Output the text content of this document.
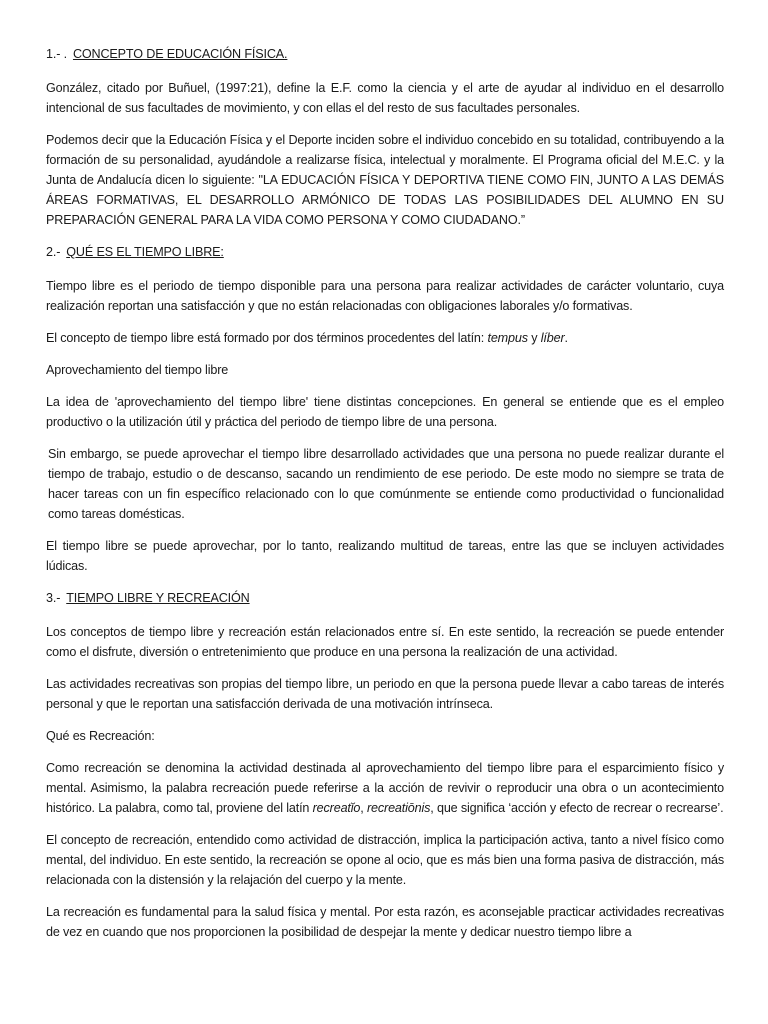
1.- . CONCEPTO DE EDUCACIÓN FÍSICA.

González, citado por Buñuel, (1997:21), define la E.F. como la ciencia y el arte de ayudar al individuo en el desarrollo intencional de sus facultades de movimiento, y con ellas el del resto de sus facultades personales.

Podemos decir que la Educación Física y el Deporte inciden sobre el individuo concebido en su totalidad, contribuyendo a la formación de su personalidad, ayudándole a realizarse física, intelectual y moralmente. El Programa oficial del M.E.C. y la Junta de Andalucía dicen lo siguiente: "LA EDUCACIÓN FÍSICA Y DEPORTIVA TIENE COMO FIN, JUNTO A LAS DEMÁS ÁREAS FORMATIVAS, EL DESARROLLO ARMÓNICO DE TODAS LAS POSIBILIDADES DEL ALUMNO EN SU PREPARACIÓN GENERAL PARA LA VIDA COMO PERSONA Y COMO CIUDADANO.”

2.- QUÉ ES EL TIEMPO LIBRE:

Tiempo libre es el periodo de tiempo disponible para una persona para realizar actividades de carácter voluntario, cuya realización reportan una satisfacción y que no están relacionadas con obligaciones laborales y/o formativas.

El concepto de tiempo libre está formado por dos términos procedentes del latín: tempus y líber.

Aprovechamiento del tiempo libre

La idea de 'aprovechamiento del tiempo libre' tiene distintas concepciones. En general se entiende que es el empleo productivo o la utilización útil y práctica del periodo de tiempo libre de una persona.

Sin embargo, se puede aprovechar el tiempo libre desarrollado actividades que una persona no puede realizar durante el tiempo de trabajo, estudio o de descanso, sacando un rendimiento de ese periodo. De este modo no siempre se trata de hacer tareas con un fin específico relacionado con lo que comúnmente se entiende como productividad o funcionalidad como tareas domésticas.

El tiempo libre se puede aprovechar, por lo tanto, realizando multitud de tareas, entre las que se incluyen actividades lúdicas.

3.- TIEMPO LIBRE Y RECREACIÓN

Los conceptos de tiempo libre y recreación están relacionados entre sí. En este sentido, la recreación se puede entender como el disfrute, diversión o entretenimiento que produce en una persona la realización de una actividad.

Las actividades recreativas son propias del tiempo libre, un periodo en que la persona puede llevar a cabo tareas de interés personal y que le reportan una satisfacción derivada de una motivación intrínseca.

Qué es Recreación:

Como recreación se denomina la actividad destinada al aprovechamiento del tiempo libre para el esparcimiento físico y mental. Asimismo, la palabra recreación puede referirse a la acción de revivir o reproducir una obra o un acontecimiento histórico. La palabra, como tal, proviene del latín recreatĭo, recreatiōnis, que significa ‘acción y efecto de recrear o recrearse’.

El concepto de recreación, entendido como actividad de distracción, implica la participación activa, tanto a nivel físico como mental, del individuo. En este sentido, la recreación se opone al ocio, que es más bien una forma pasiva de distracción, más relacionada con la distensión y la relajación del cuerpo y la mente.

La recreación es fundamental para la salud física y mental. Por esta razón, es aconsejable practicar actividades recreativas de vez en cuando que nos proporcionen la posibilidad de despejar la mente y dedicar nuestro tiempo libre a
